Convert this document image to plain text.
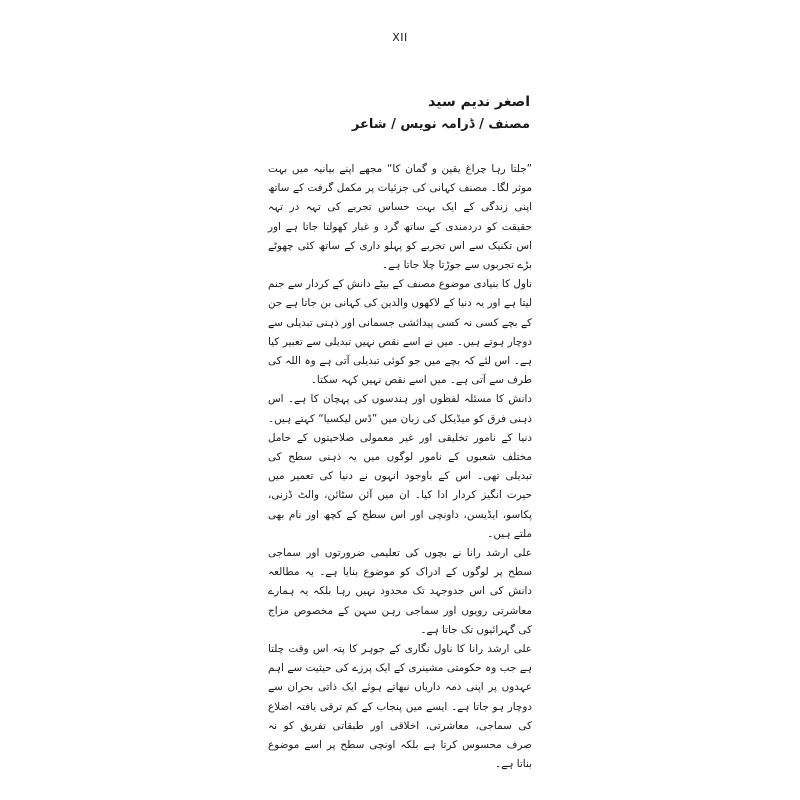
XII
اصغر ندیم سید
مصنف / ڈرامہ نویس / شاعر

”جلتا رہا چراغ یقین و گمان کا“ مجھے اپنے بیانیہ میں بہت موثر لگا۔ مصنف کہانی کی جزئیات پر مکمل گرفت کے ساتھ اپنی زندگی کے ایک بہت حساس تجربے کی تہہ در تہہ حقیقت کو دردمندی کے ساتھ گرد و غبار کھولتا جاتا ہے اور اس تکنیک سے اس تجربے کو پہلو داری کے ساتھ کئی چھوٹے بڑے تجربوں سے جوڑتا چلا جاتا ہے۔

ناول کا بنیادی موضوع مصنف کے بیٹے دانش کے کردار سے جنم لیتا ہے اور یہ دنیا کے لاکھوں والدین کی کہانی بن جاتا ہے جن کے بچے کسی نہ کسی پیدائشی جسمانی اور ذہنی تبدیلی سے دوچار ہوتے ہیں۔ میں نے اسے نقص نہیں تبدیلی سے تعبیر کیا ہے۔ اس لئے کہ بچے میں جو کوئی تبدیلی آتی ہے وہ اللہ کی طرف سے آتی ہے۔ میں اسے نقص نہیں کہہ سکتا۔

دانش کا مسئلہ لفظوں اور ہندسوں کی پہچان کا ہے۔ اس ذہنی فرق کو میڈیکل کی زبان میں ”ڈس لیکسیا“ کہتے ہیں۔ دنیا کے نامور تخلیقی اور غیر معمولی صلاحیتوں کے حامل مختلف شعبوں کے نامور لوگوں میں یہ ذہنی سطح کی تبدیلی تھی۔ اس کے باوجود انہوں نے دنیا کی تعمیر میں حیرت انگیز کردار ادا کیا۔ ان میں آئن سٹائن، والٹ ڈزنی، پکاسو، ایڈیسن، داونچی اور اس سطح کے کچھ اور نام بھی ملتے ہیں۔

علی ارشد رانا نے بچوں کی تعلیمی ضرورتوں اور سماجی سطح پر لوگوں کے ادراک کو موضوع بنایا ہے۔ یہ مطالعہ دانش کی اس جدوجہد تک محدود نہیں رہا بلکہ یہ ہمارے معاشرتی رویوں اور سماجی رہن سہن کے مخصوص مزاج کی گہرائیوں تک جاتا ہے۔

علی ارشد رانا کا ناول نگاری کے جوہر کا پتہ اس وقت چلتا ہے جب وہ حکومتی مشینری کے ایک پرزے کی حیثیت سے اہم عہدوں پر اپنی ذمہ داریاں نبھاتے ہوئے ایک ذاتی بحران سے دوچار ہو جاتا ہے۔ ایسے میں پنجاب کے کم ترقی یافتہ اضلاع کی سماجی، معاشرتی، اخلاقی اور طبقاتی تفریق کو نہ صرف محسوس کرتا ہے بلکہ اونچی سطح پر اسے موضوع بناتا ہے۔
